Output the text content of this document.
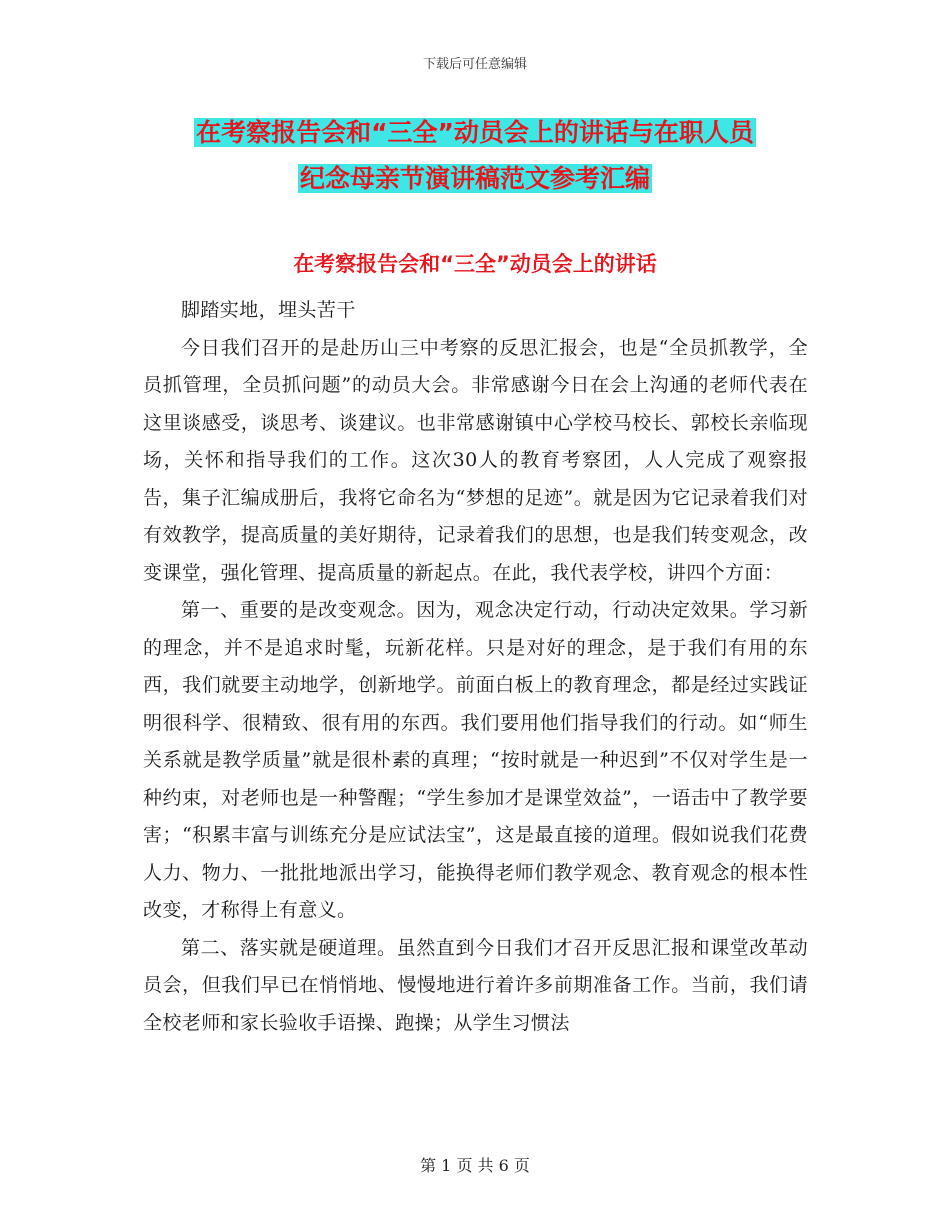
下载后可任意编辑
在考察报告会和“三全”动员会上的讲话与在职人员
纪念母亲节演讲稿范文参考汇编
在考察报告会和“三全”动员会上的讲话

脚踏实地，埋头苦干

今日我们召开的是赴历山三中考察的反思汇报会，也是“全员抓教学，全员抓管理，全员抓问题”的动员大会。非常感谢今日在会上沟通的老师代表在这里谈感受，谈思考、谈建议。也非常感谢镇中心学校马校长、郭校长亲临现场，关怀和指导我们的工作。这次30人的教育考察团，人人完成了观察报告，集子汇编成册后，我将它命名为“梦想的足迹”。就是因为它记录着我们对有效教学，提高质量的美好期待，记录着我们的思想，也是我们转变观念，改变课堂，强化管理、提高质量的新起点。在此，我代表学校，讲四个方面：

第一、重要的是改变观念。因为，观念决定行动，行动决定效果。学习新的理念，并不是追求时髦，玩新花样。只是对好的理念，是于我们有用的东西，我们就要主动地学，创新地学。前面白板上的教育理念，都是经过实践证明很科学、很精致、很有用的东西。我们要用他们指导我们的行动。如“师生关系就是教学质量”就是很朴素的真理；“按时就是一种迟到”不仅对学生是一种约束，对老师也是一种警醒；“学生参加才是课堂效益”，一语击中了教学要害；“积累丰富与训练充分是应试法宝”，这是最直接的道理。假如说我们花费人力、物力、一批批地派出学习，能换得老师们教学观念、教育观念的根本性改变，才称得上有意义。

第二、落实就是硬道理。虽然直到今日我们才召开反思汇报和课堂改革动员会，但我们早已在悄悄地、慢慢地进行着许多前期准备工作。当前，我们请全校老师和家长验收手语操、跑操；从学生习惯法

第 1 页 共 6 页
